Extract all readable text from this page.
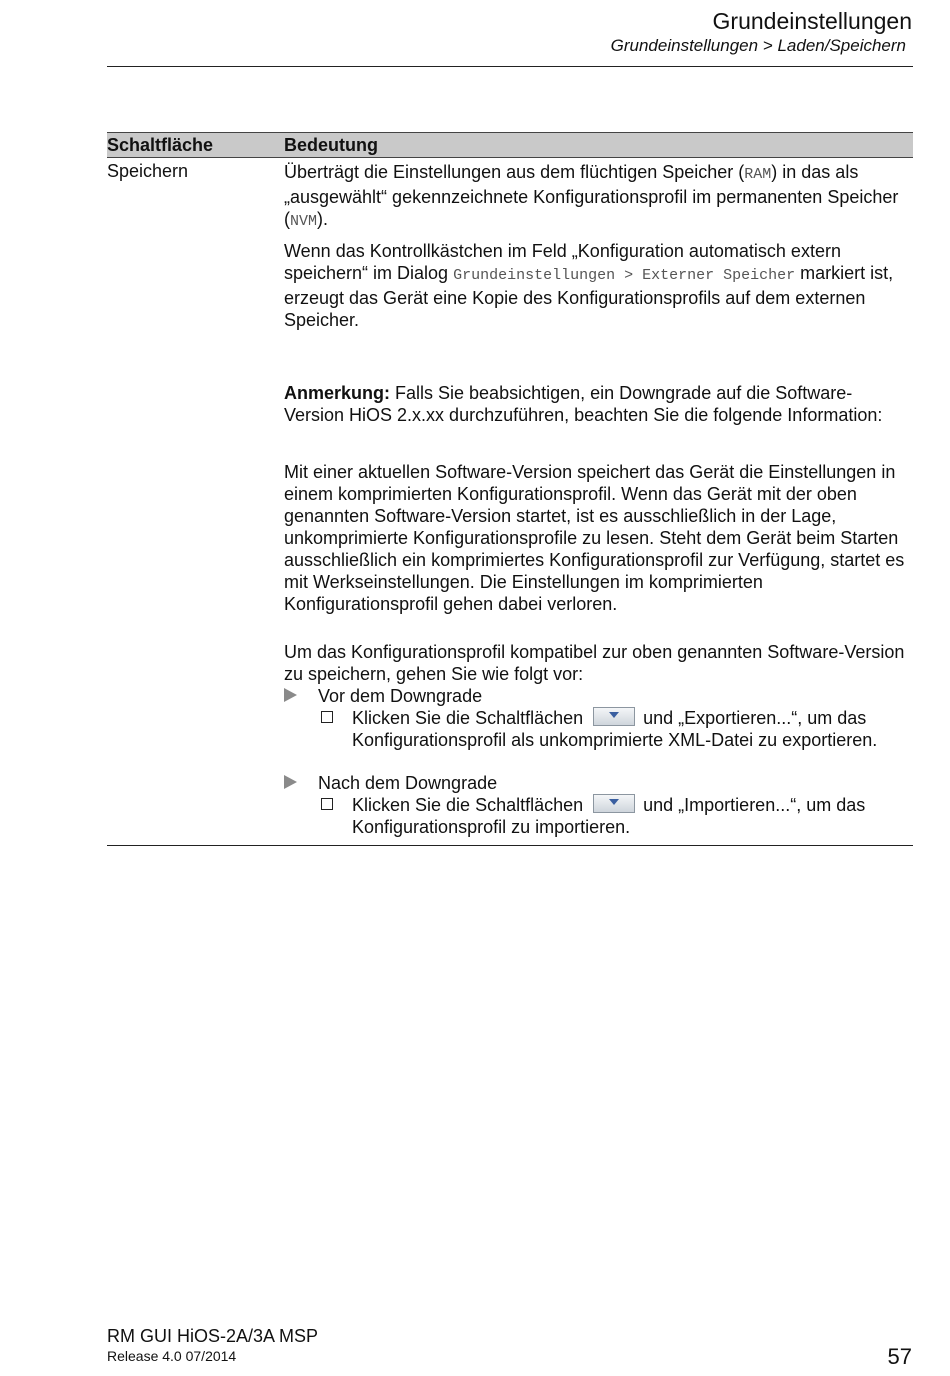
Grundeinstellungen
Grundeinstellungen > Laden/Speichern
Schaltfläche	Bedeutung
Speichern	Überträgt die Einstellungen aus dem flüchtigen Speicher (RAM) in das als „ausgewählt“ gekennzeichnete Konfigurationsprofil im permanenten Speicher (NVM).

Wenn das Kontrollkästchen im Feld „Konfiguration automatisch extern speichern“ im Dialog Grundeinstellungen > Externer Speicher markiert ist, erzeugt das Gerät eine Kopie des Konfigurationsprofils auf dem externen Speicher.

Anmerkung: Falls Sie beabsichtigen, ein Downgrade auf die Software-Version HiOS 2.x.xx durchzuführen, beachten Sie die folgende Information:

Mit einer aktuellen Software-Version speichert das Gerät die Einstellungen in einem komprimierten Konfigurationsprofil. Wenn das Gerät mit der oben genannten Software-Version startet, ist es ausschließlich in der Lage, unkomprimierte Konfigurationsprofile zu lesen. Steht dem Gerät beim Starten ausschließlich ein komprimiertes Konfigurationsprofil zur Verfügung, startet es mit Werkseinstellungen. Die Einstellungen im komprimierten Konfigurationsprofil gehen dabei verloren.

Um das Konfigurationsprofil kompatibel zur oben genannten Software-Version zu speichern, gehen Sie wie folgt vor:

Vor dem Downgrade
Klicken Sie die Schaltflächen	und „Exportieren...“, um das Konfigurationsprofil als unkomprimierte XML-Datei zu exportieren.
Nach dem Downgrade
Klicken Sie die Schaltflächen	und „Importieren...“, um das Konfigurationsprofil zu importieren.
RM GUI HiOS-2A/3A MSP
Release 4.0 07/2014	57
